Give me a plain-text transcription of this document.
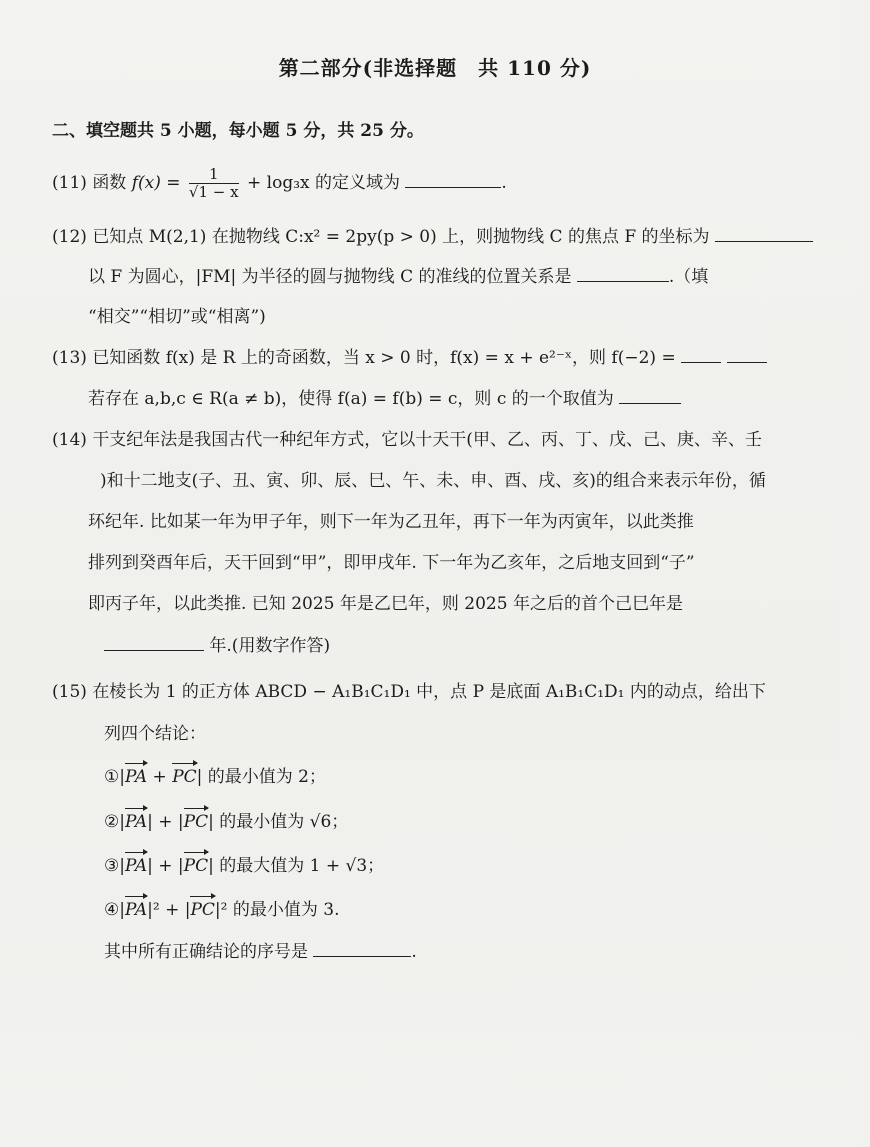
第二部分(非选择题　共 110 分)
二、填空题共 5 小题，每小题 5 分，共 25 分。
(11) 函数 $f(x) = \frac{1}{√1 - x} + \log_3x$ 的定义域为	.
(12) 已知点 M(2,1) 在抛物线 C:x² = 2py(p > 0) 上，则抛物线 C 的焦点 F 的坐标为
以 F 为圆心，|FM| 为半径的圆与抛物线 C 的准线的位置关系是	.（填
“相交”“相切”或“相离”)
(13) 已知函数 f(x) 是 R 上的奇函数，当 x > 0 时，f(x) = x + e²⁻ˣ，则 f(−2) =
若存在 a,b,c ∈ R(a ≠ b)，使得 f(a) = f(b) = c，则 c 的一个取值为
(14) 干支纪年法是我国古代一种纪年方式，它以十天干(甲、乙、丙、丁、戊、己、庚、辛、壬
)和十二地支(子、丑、寅、卯、辰、巳、午、未、申、酉、戌、亥)的组合来表示年份，循
环纪年. 比如某一年为甲子年，则下一年为乙丑年，再下一年为丙寅年，以此类推
排列到癸酉年后，天干回到“甲”，即甲戌年. 下一年为乙亥年，之后地支回到“子”
即丙子年，以此类推. 已知 2025 年是乙巳年，则 2025 年之后的首个己巳年是
年.(用数字作答)
(15) 在棱长为 1 的正方体 ABCD − A₁B₁C₁D₁ 中，点 P 是底面 A₁B₁C₁D₁ 内的动点，给出下
列四个结论：
①|PA + PC| 的最小值为 2；
②|PA| + |PC| 的最小值为 √6；
③|PA| + |PC| 的最大值为 1 + √3；
④|PA|² + |PC|² 的最小值为 3.
其中所有正确结论的序号是	.
